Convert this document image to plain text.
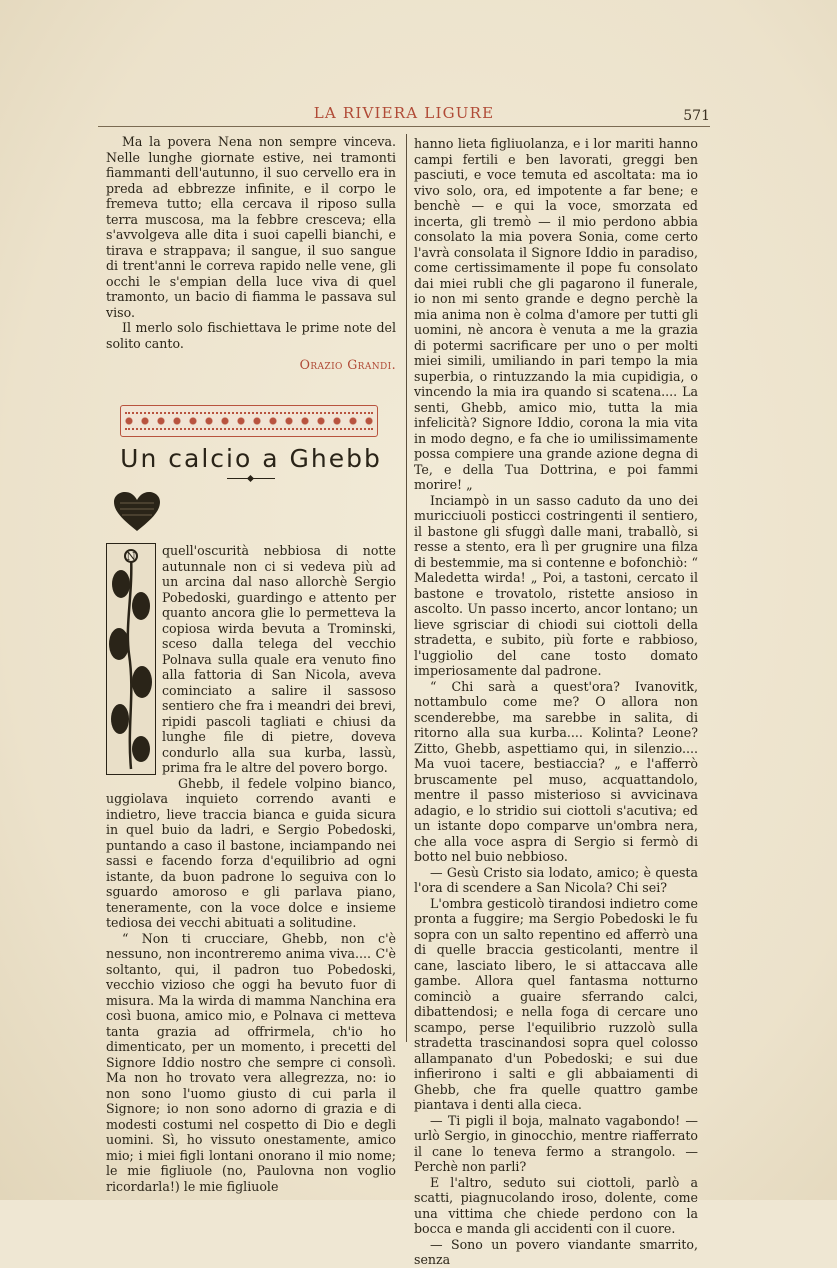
LA RIVIERA LIGURE	571

Ma la povera Nena non sempre vinceva. Nelle lunghe giornate estive, nei tramonti fiammanti dell'autunno, il suo cervello era in preda ad ebbrezze infinite, e il corpo le fremeva tutto; ella cercava il riposo sulla terra muscosa, ma la febbre cresceva; ella s'avvolgeva alle dita i suoi capelli bianchi, e tirava e strappava; il sangue, il suo sangue di trent'anni le correva rapido nelle vene, gli occhi le s'empian della luce viva di quel tramonto, un bacio di fiamma le passava sul viso.

Il merlo solo fischiettava le prime note del solito canto.

Orazio Grandi.

Un calcio a Ghebb

N	quell'oscurità nebbiosa di notte autunnale non ci si vedeva più ad un arcina dal naso allorchè Sergio Pobedoski, guardingo e attento per quanto ancora glie lo permetteva la copiosa wirda bevuta a Trominski, sceso dalla telega del vecchio Polnava sulla quale era venuto fino alla fattoria di San Nicola, aveva cominciato a salire il sassoso sentiero che fra i meandri dei brevi, ripidi pascoli tagliati e chiusi da lunghe file di pietre, doveva condurlo alla sua kurba, lassù, prima fra le altre del povero borgo.

Ghebb, il fedele volpino bianco, uggiolava inquieto correndo avanti e indietro, lieve traccia bianca e guida sicura in quel buio da ladri, e Sergio Pobedoski, puntando a caso il bastone, inciampando nei sassi e facendo forza d'equilibrio ad ogni istante, da buon padrone lo seguiva con lo sguardo amoroso e gli parlava piano, teneramente, con la voce dolce e insieme tediosa dei vecchi abituati a solitudine.

“ Non ti crucciare, Ghebb, non c'è nessuno, non incontreremo anima viva.... C'è soltanto, qui, il padron tuo Pobedoski, vecchio vizioso che oggi ha bevuto fuor di misura. Ma la wirda di mamma Nanchina era così buona, amico mio, e Polnava ci metteva tanta grazia ad offrirmela, ch'io ho dimenticato, per un momento, i precetti del Signore Iddio nostro che sempre ci consolì. Ma non ho trovato vera allegrezza, no: io non sono l'uomo giusto di cui parla il Signore; io non sono adorno di grazia e di modesti costumi nel cospetto di Dio e degli uomini. Sì, ho vissuto onestamente, amico mio; i miei figli lontani onorano il mio nome; le mie figliuole (no, Paulovna non voglio ricordarla!) le mie figliuole

hanno lieta figliuolanza, e i lor mariti hanno campi fertili e ben lavorati, greggi ben pasciuti, e voce temuta ed ascoltata: ma io vivo solo, ora, ed impotente a far bene; e benchè — e qui la voce, smorzata ed incerta, gli tremò — il mio perdono abbia consolato la mia povera Sonia, come certo l'avrà consolata il Signore Iddio in paradiso, come certissimamente il pope fu consolato dai miei rubli che gli pagarono il funerale, io non mi sento grande e degno perchè la mia anima non è colma d'amore per tutti gli uomini, nè ancora è venuta a me la grazia di potermi sacrificare per uno o per molti miei simili, umiliando in pari tempo la mia superbia, o rintuzzando la mia cupidigia, o vincendo la mia ira quando si scatena.... La senti, Ghebb, amico mio, tutta la mia infelicità? Signore Iddio, corona la mia vita in modo degno, e fa che io umilissimamente possa compiere una grande azione degna di Te, e della Tua Dottrina, e poi fammi morire! „

Inciampò in un sasso caduto da uno dei muricciuoli posticci costringenti il sentiero, il bastone gli sfuggì dalle mani, traballò, si resse a stento, era lì per grugnire una filza di bestemmie, ma si contenne e bofonchiò: “ Maledetta wirda! „ Poi, a tastoni, cercato il bastone e trovatolo, ristette ansioso in ascolto. Un passo incerto, ancor lontano; un lieve sgrisciar di chiodi sui ciottoli della stradetta, e subito, più forte e rabbioso, l'uggiolio del cane tosto domato imperiosamente dal padrone.

“ Chi sarà a quest'ora? Ivanovitk, nottambulo come me? O allora non scenderebbe, ma sarebbe in salita, di ritorno alla sua kurba.... Kolinta? Leone? Zitto, Ghebb, aspettiamo qui, in silenzio.... Ma vuoi tacere, bestiaccia? „ e l'afferrò bruscamente pel muso, acquattandolo, mentre il passo misterioso si avvicinava adagio, e lo stridio sui ciottoli s'acutiva; ed un istante dopo comparve un'ombra nera, che alla voce aspra di Sergio si fermò di botto nel buio nebbioso.

— Gesù Cristo sia lodato, amico; è questa l'ora di scendere a San Nicola? Chi sei?

L'ombra gesticolò tirandosi indietro come pronta a fuggire; ma Sergio Pobedoski le fu sopra con un salto repentino ed afferrò una di quelle braccia gesticolanti, mentre il cane, lasciato libero, le si attaccava alle gambe. Allora quel fantasma notturno cominciò a guaire sferrando calci, dibattendosi; e nella foga di cercare uno scampo, perse l'equilibrio ruzzolò sulla stradetta trascinandosi sopra quel colosso allampanato d'un Pobedoski; e sui due infierirono i salti e gli abbaiamenti di Ghebb, che fra quelle quattro gambe piantava i denti alla cieca.

— Ti pigli il boja, malnato vagabondo! — urlò Sergio, in ginocchio, mentre riafferrato il cane lo teneva fermo a strangolo. — Perchè non parli?

E l'altro, seduto sui ciottoli, parlò a scatti, piagnucolando iroso, dolente, come una vittima che chiede perdono con la bocca e manda gli accidenti con il cuore.

— Sono un povero viandante smarrito, senza
